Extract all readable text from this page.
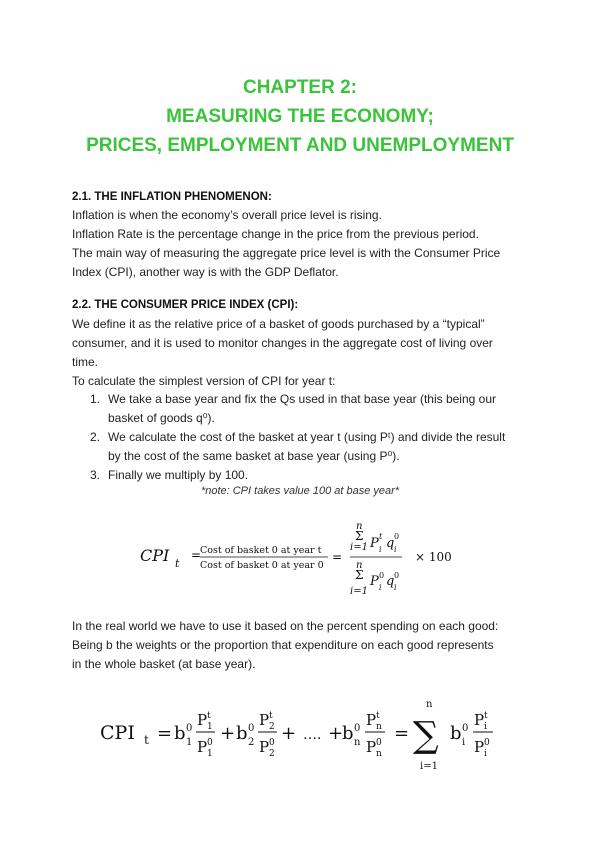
CHAPTER 2:
MEASURING THE ECONOMY;
PRICES, EMPLOYMENT AND UNEMPLOYMENT
2.1. THE INFLATION PHENOMENON:
Inflation is when the economy’s overall price level is rising.
Inflation Rate is the percentage change in the price from the previous period.
The main way of measuring the aggregate price level is with the Consumer Price
Index (CPI), another way is with the GDP Deflator.
2.2. THE CONSUMER PRICE INDEX (CPI):
We define it as the relative price of a basket of goods purchased by a “typical”
consumer, and it is used to monitor changes in the aggregate cost of living over
time.
To calculate the simplest version of CPI for year t:
1. We take a base year and fix the Qs used in that base year (this being our
basket of goods q⁰).
2. We calculate the cost of the basket at year t (using Pᵗ) and divide the result
by the cost of the same basket at base year (using P⁰).
3. Finally we multiply by 100.
*note: CPI takes value 100 at base year*
CPI t
=
Cost of basket 0 at year t
Cost of basket 0 at year 0
=
n
Σ
i=1 P t
i q 0
i
n
Σ
i=1
P 0
i q 0
i
× 100
In the real world we have to use it based on the percent spending on each good:
Being b the weights or the proportion that expenditure on each good represents
in the whole basket (at base year).
CPI t = b 0
1
P t
1
P 0
1
+ b 0
2
P t
2
P 0
2
+ …. +
b 0
n
P t
n
P 0
n
=
n
∑
i=1
b 0
i
P t
i
P 0
i
